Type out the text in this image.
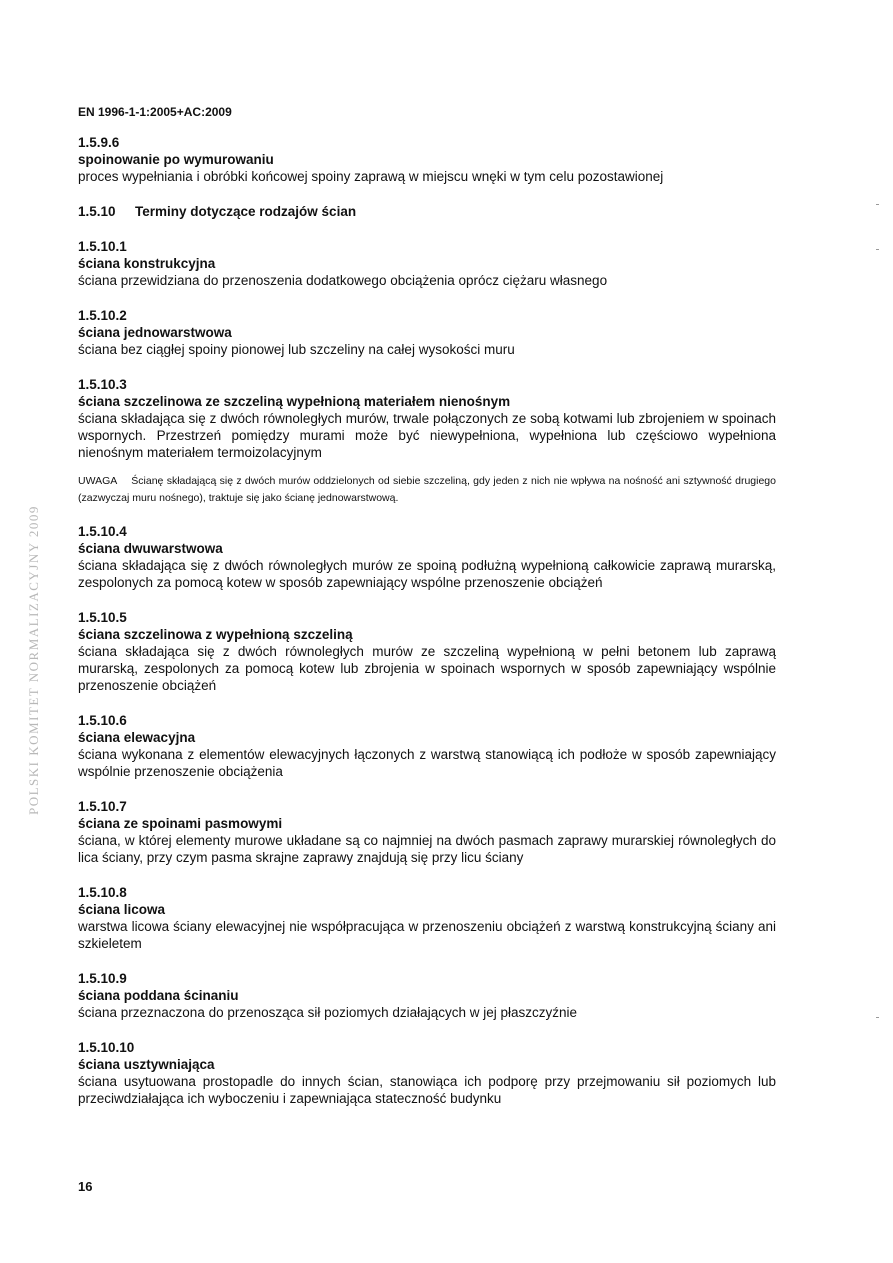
EN 1996-1-1:2005+AC:2009
POLSKI KOMITET NORMALIZACYJNY 2009
1.5.9.6
spoinowanie po wymurowaniu
proces wypełniania i obróbki końcowej spoiny zaprawą w miejscu wnęki w tym celu pozostawionej
1.5.10 Terminy dotyczące rodzajów ścian
1.5.10.1
ściana konstrukcyjna
ściana przewidziana do przenoszenia dodatkowego obciążenia oprócz ciężaru własnego
1.5.10.2
ściana jednowarstwowa
ściana bez ciągłej spoiny pionowej lub szczeliny na całej wysokości muru
1.5.10.3
ściana szczelinowa ze szczeliną wypełnioną materiałem nienośnym
ściana składająca się z dwóch równoległych murów, trwale połączonych ze sobą kotwami lub zbrojeniem w spoinach wspornych. Przestrzeń pomiędzy murami może być niewypełniona, wypełniona lub częściowo wypełniona nienośnym materiałem termoizolacyjnym
UWAGA Ścianę składającą się z dwóch murów oddzielonych od siebie szczeliną, gdy jeden z nich nie wpływa na nośność ani sztywność drugiego (zazwyczaj muru nośnego), traktuje się jako ścianę jednowarstwową.
1.5.10.4
ściana dwuwarstwowa
ściana składająca się z dwóch równoległych murów ze spoiną podłużną wypełnioną całkowicie zaprawą murarską, zespolonych za pomocą kotew w sposób zapewniający wspólne przenoszenie obciążeń
1.5.10.5
ściana szczelinowa z wypełnioną szczeliną
ściana składająca się z dwóch równoległych murów ze szczeliną wypełnioną w pełni betonem lub zaprawą murarską, zespolonych za pomocą kotew lub zbrojenia w spoinach wspornych w sposób zapewniający wspólnie przenoszenie obciążeń
1.5.10.6
ściana elewacyjna
ściana wykonana z elementów elewacyjnych łączonych z warstwą stanowiącą ich podłoże w sposób zapewniający wspólnie przenoszenie obciążenia
1.5.10.7
ściana ze spoinami pasmowymi
ściana, w której elementy murowe układane są co najmniej na dwóch pasmach zaprawy murarskiej równoległych do lica ściany, przy czym pasma skrajne zaprawy znajdują się przy licu ściany
1.5.10.8
ściana licowa
warstwa licowa ściany elewacyjnej nie współpracująca w przenoszeniu obciążeń z warstwą konstrukcyjną ściany ani szkieletem
1.5.10.9
ściana poddana ścinaniu
ściana przeznaczona do przenosząca sił poziomych działających w jej płaszczyźnie
1.5.10.10
ściana usztywniająca
ściana usytuowana prostopadle do innych ścian, stanowiąca ich podporę przy przejmowaniu sił poziomych lub przeciwdziałająca ich wyboczeniu i zapewniająca stateczność budynku
16
